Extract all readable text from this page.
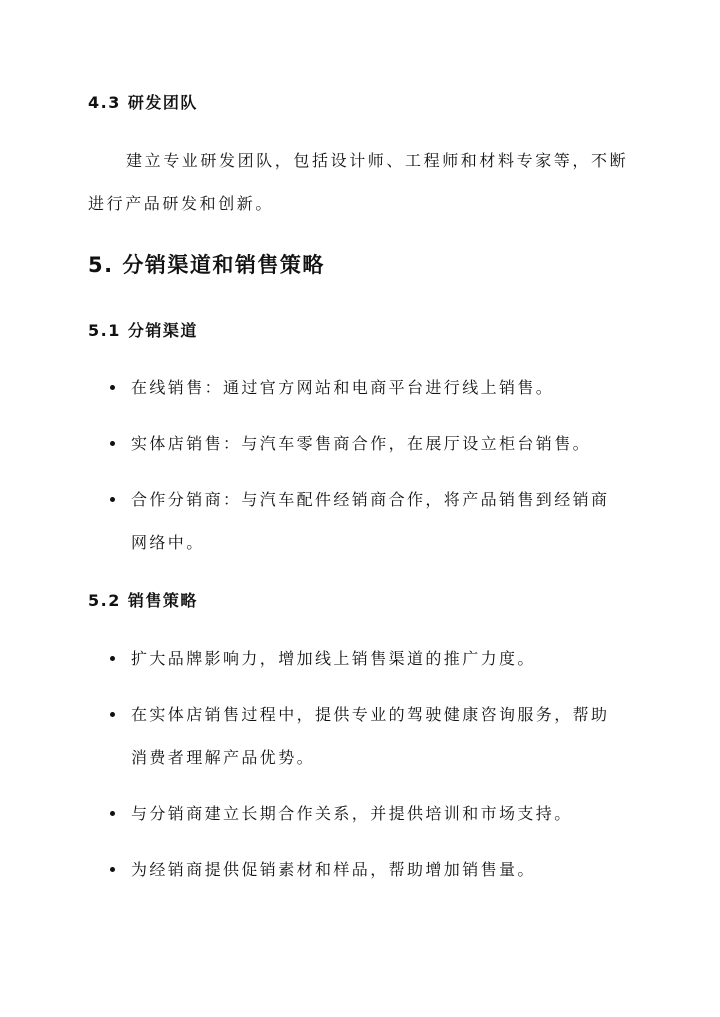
4.3 研发团队
建立专业研发团队，包括设计师、工程师和材料专家等，不断
进行产品研发和创新。
5. 分销渠道和销售策略
5.1 分销渠道
在线销售：通过官方网站和电商平台进行线上销售。
实体店销售：与汽车零售商合作，在展厅设立柜台销售。
合作分销商：与汽车配件经销商合作，将产品销售到经销商
网络中。
5.2 销售策略
扩大品牌影响力，增加线上销售渠道的推广力度。
在实体店销售过程中，提供专业的驾驶健康咨询服务，帮助
消费者理解产品优势。
与分销商建立长期合作关系，并提供培训和市场支持。
为经销商提供促销素材和样品，帮助增加销售量。
